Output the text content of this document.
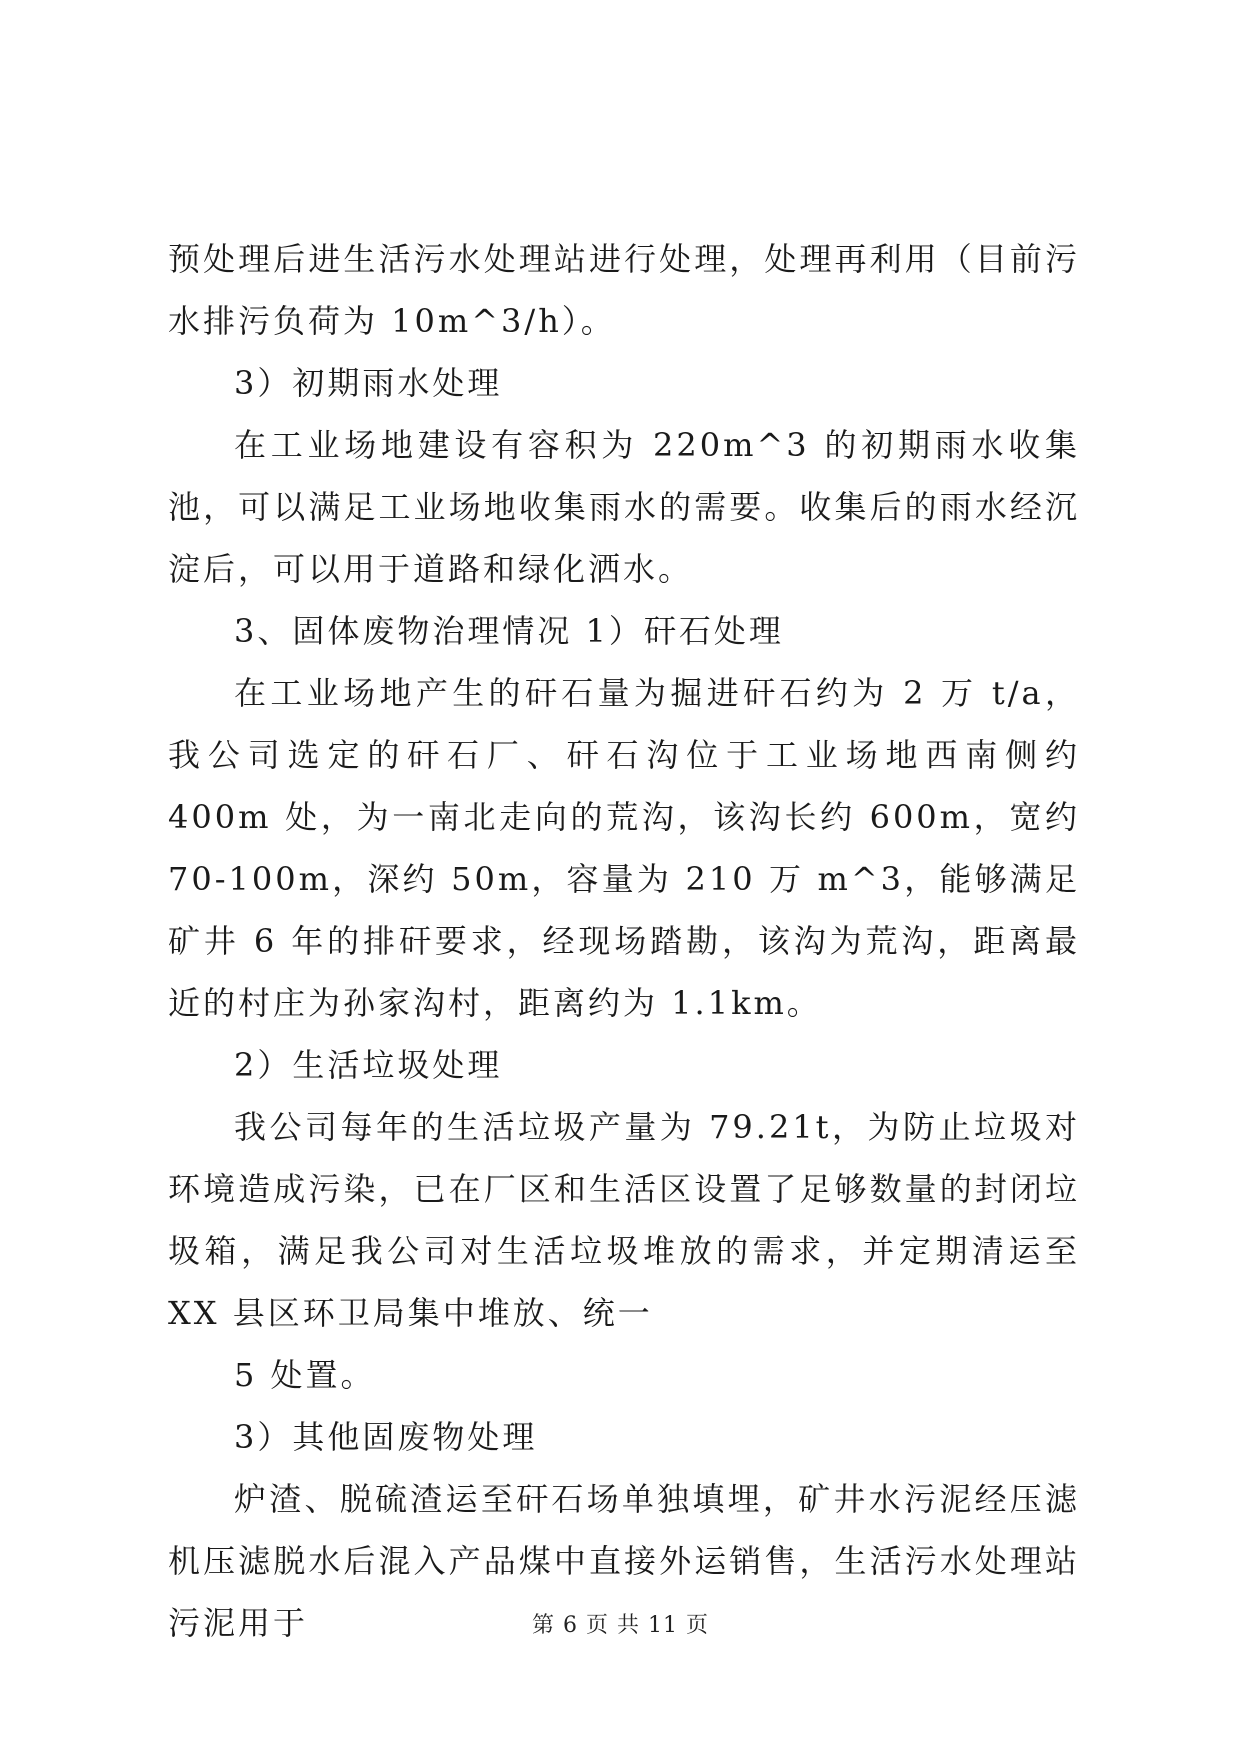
预处理后进生活污水处理站进行处理，处理再利用（目前污水排污负荷为 10m^3/h）。

3）初期雨水处理

在工业场地建设有容积为 220m^3 的初期雨水收集池，可以满足工业场地收集雨水的需要。收集后的雨水经沉淀后，可以用于道路和绿化洒水。

3、固体废物治理情况 1）矸石处理

在工业场地产生的矸石量为掘进矸石约为 2 万 t/a，我公司选定的矸石厂、矸石沟位于工业场地西南侧约 400m 处，为一南北走向的荒沟，该沟长约 600m，宽约 70-100m，深约 50m，容量为 210 万 m^3，能够满足矿井 6 年的排矸要求，经现场踏勘，该沟为荒沟，距离最近的村庄为孙家沟村，距离约为 1.1km。

2）生活垃圾处理

我公司每年的生活垃圾产量为 79.21t，为防止垃圾对环境造成污染，已在厂区和生活区设置了足够数量的封闭垃圾箱，满足我公司对生活垃圾堆放的需求，并定期清运至 XX 县区环卫局集中堆放、统一

5 处置。

3）其他固废物处理

炉渣、脱硫渣运至矸石场单独填埋，矿井水污泥经压滤机压滤脱水后混入产品煤中直接外运销售，生活污水处理站污泥用于	第 6 页 共 11 页
